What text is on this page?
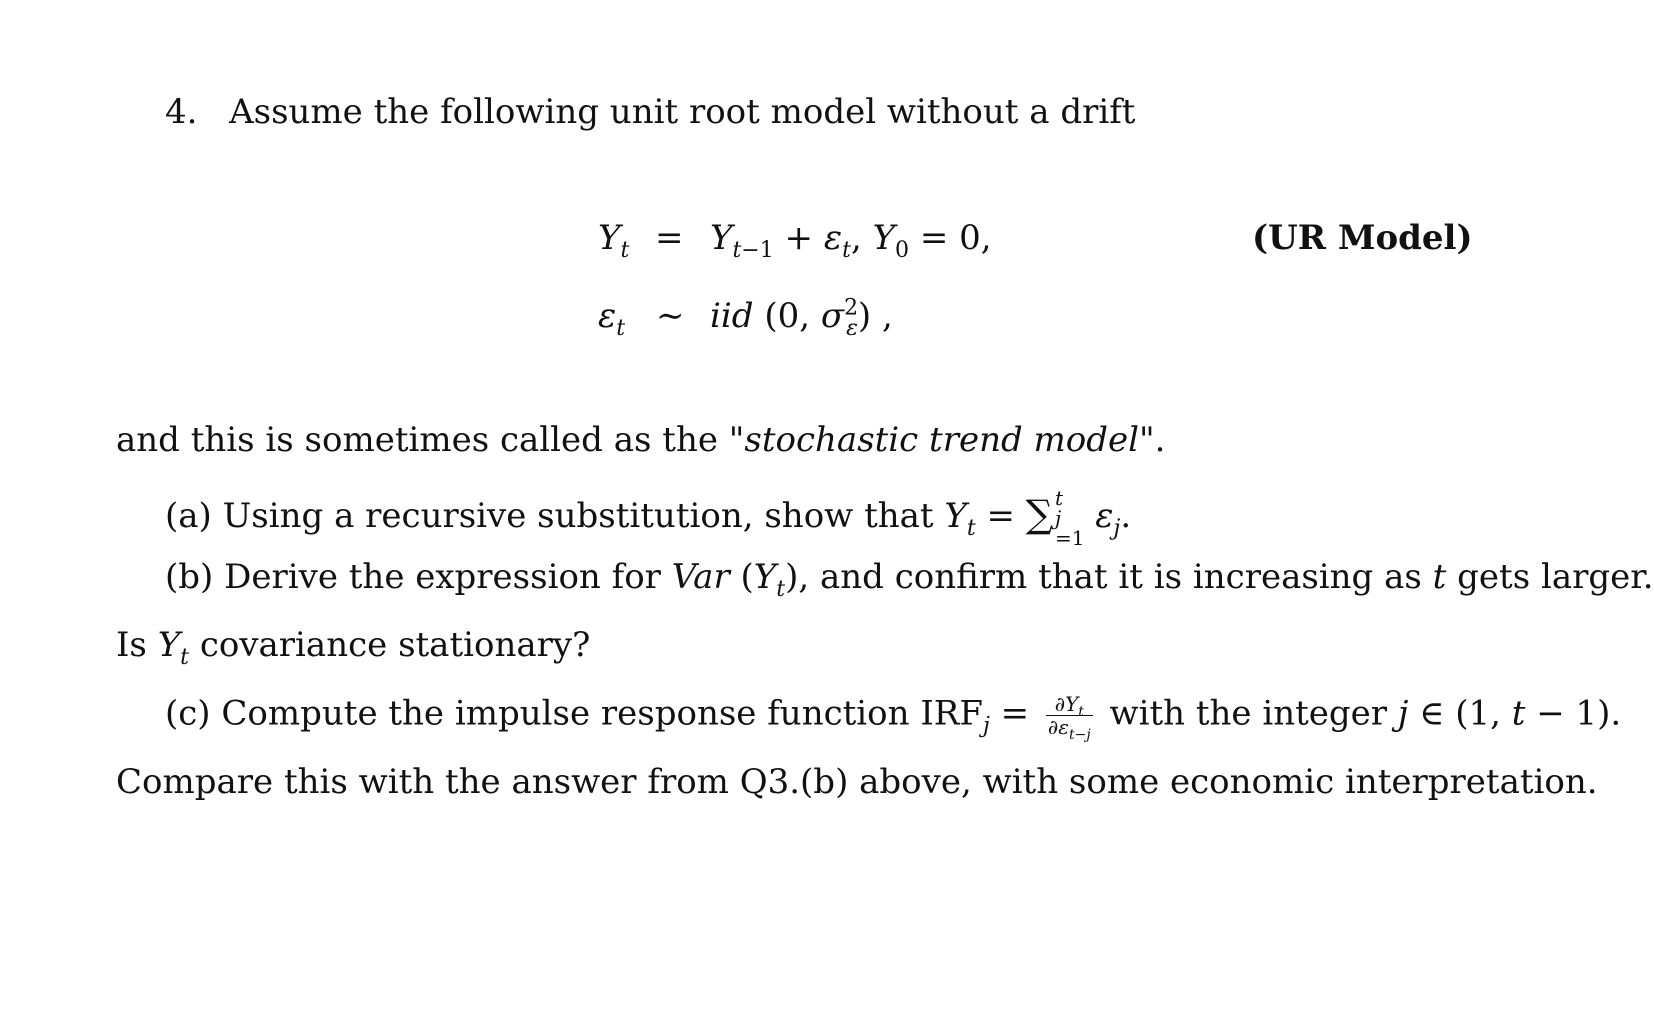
4. Assume the following unit root model without a drift
$Y_t = Y_{t-1} + \varepsilon_t$, $Y_0 = 0$,	(UR Model)
$\varepsilon_t$ ∼ iid (0, $\sigma^2_\varepsilon$) ,
and this is sometimes called as the "stochastic trend model".
(a) Using a recursive substitution, show that $Y_t$ = ∑ t
j
=1
$\varepsilon_j$.
(b) Derive the expression for Var $(Y_t)$, and confirm that it is increasing as t gets larger.
Is $Y_t$ covariance stationary?
(c) Compute the impulse response function $IRF_j = \frac{\partial Y_t}{\partial\varepsilon_{t-j}}$ with the integer j ∈ (1, t − 1).
Compare this with the answer from Q3.(b) above, with some economic interpretation.
